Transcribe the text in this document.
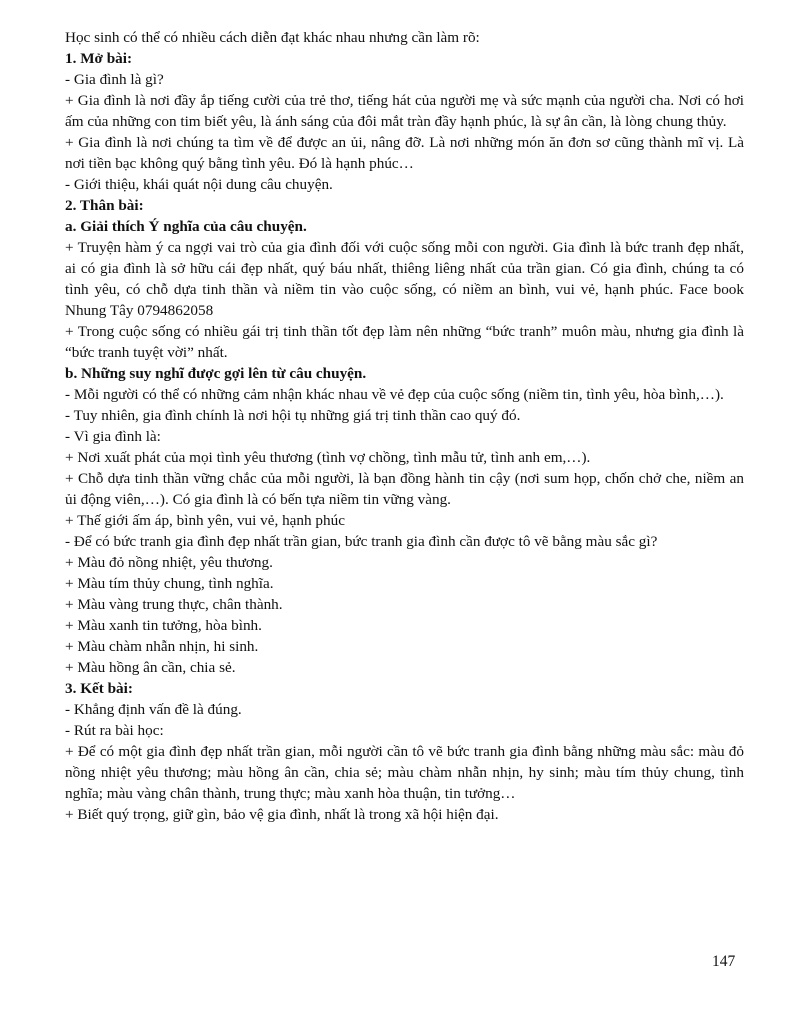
Học sinh có thể có nhiều cách diễn đạt khác nhau nhưng cần làm rõ:

1. Mở bài:

- Gia đình là gì?

+ Gia đình là nơi đầy ắp tiếng cười của trẻ thơ, tiếng hát của người mẹ và sức mạnh của người cha. Nơi có hơi ấm của những con tim biết yêu, là ánh sáng của đôi mắt tràn đầy hạnh phúc, là sự ân cần, là lòng chung thủy.

+ Gia đình là nơi chúng ta tìm về để được an ủi, nâng đỡ. Là nơi những món ăn đơn sơ cũng thành mĩ vị. Là nơi tiền bạc không quý bằng tình yêu. Đó là hạnh phúc…

- Giới thiệu, khái quát nội dung câu chuyện.

2. Thân bài:

a. Giải thích Ý nghĩa của câu chuyện.

+ Truyện hàm ý ca ngợi vai trò của gia đình đối với cuộc sống mỗi con người. Gia đình là bức tranh đẹp nhất, ai có gia đình là sở hữu cái đẹp nhất, quý báu nhất, thiêng liêng nhất của trần gian. Có gia đình, chúng ta có tình yêu, có chỗ dựa tinh thần và niềm tin vào cuộc sống, có niềm an bình, vui vẻ, hạnh phúc. Face book Nhung Tây 0794862058

+ Trong cuộc sống có nhiều gái trị tinh thần tốt đẹp làm nên những “bức tranh” muôn màu, nhưng gia đình là “bức tranh tuyệt vời” nhất.

b. Những suy nghĩ được gợi lên từ câu chuyện.

- Mỗi người có thể có những cảm nhận khác nhau về vẻ đẹp của cuộc sống (niềm tin, tình yêu, hòa bình,…).

- Tuy nhiên, gia đình chính là nơi hội tụ những giá trị tinh thần cao quý đó.

- Vì gia đình là:

+ Nơi xuất phát của mọi tình yêu thương (tình vợ chồng, tình mẫu tử, tình anh em,…).

+ Chỗ dựa tinh thần vững chắc của mỗi người, là bạn đồng hành tin cậy (nơi sum họp, chốn chở che, niềm an ủi động viên,…). Có gia đình là có bến tựa niềm tin vững vàng.

+ Thế giới ấm áp, bình yên, vui vẻ, hạnh phúc

- Để có bức tranh gia đình đẹp nhất trần gian, bức tranh gia đình cần được tô vẽ bằng màu sắc gì?

+ Màu đỏ nồng nhiệt, yêu thương.

+ Màu tím thủy chung, tình nghĩa.

+ Màu vàng trung thực, chân thành.

+ Màu xanh tin tưởng, hòa bình.

+ Màu chàm nhẫn nhịn, hi sinh.

+ Màu hồng ân cần, chia sẻ.

3. Kết bài:

- Khẳng định vấn đề là đúng.

- Rút ra bài học:

+ Để có một gia đình đẹp nhất trần gian, mỗi người cần tô vẽ bức tranh gia đình bằng những màu sắc: màu đỏ nồng nhiệt yêu thương; màu hồng ân cần, chia sẻ; màu chàm nhẫn nhịn, hy sinh; màu tím thủy chung, tình nghĩa; màu vàng chân thành, trung thực; màu xanh hòa thuận, tin tưởng…

+ Biết quý trọng, giữ gìn, bảo vệ gia đình, nhất là trong xã hội hiện đại.

147
